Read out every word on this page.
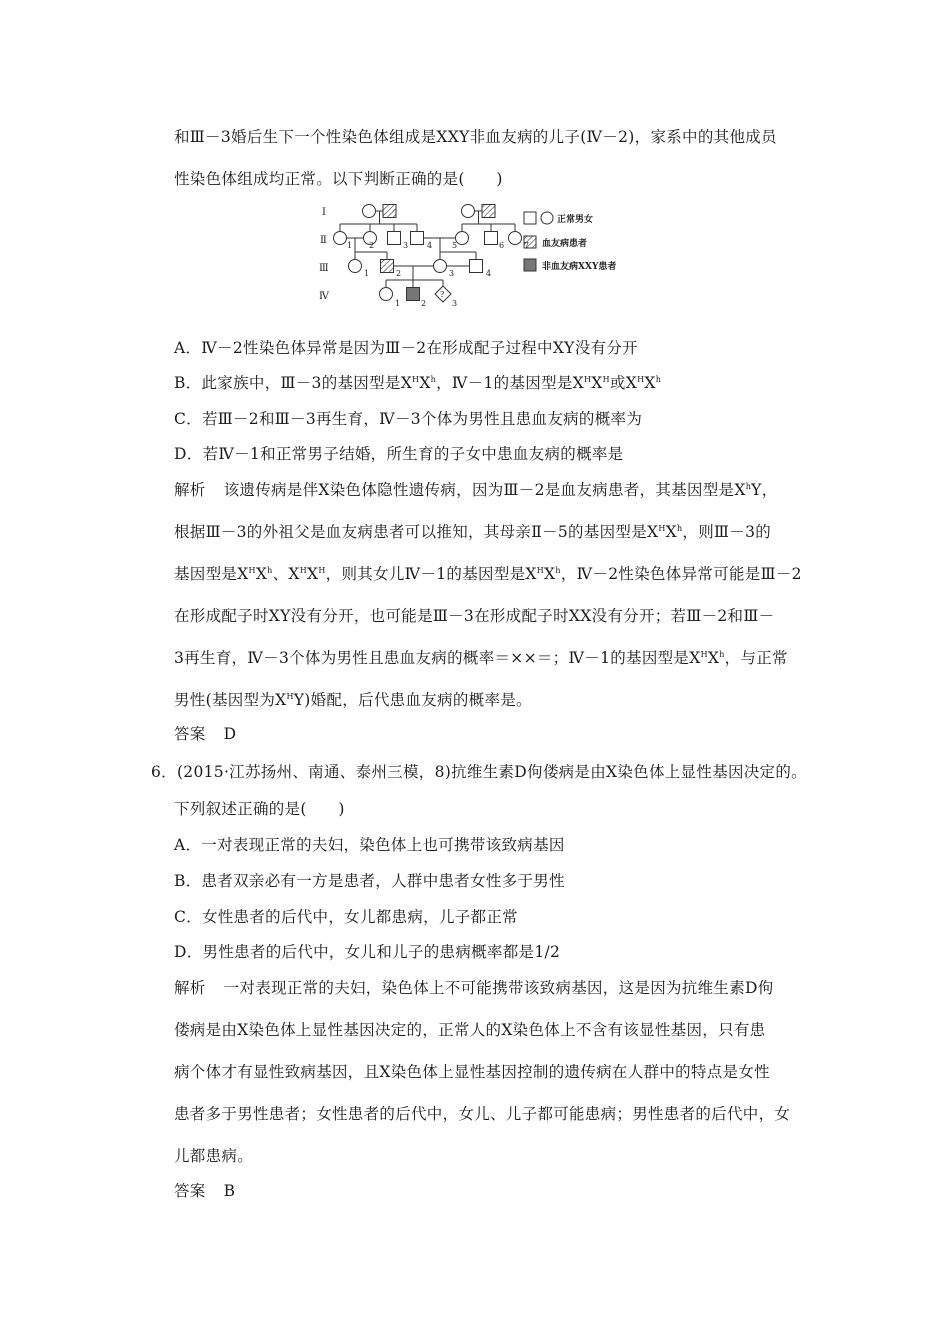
和Ⅲ－3婚后生下一个性染色体组成是XXY非血友病的儿子(Ⅳ－2)，家系中的其他成员
性染色体组成均正常。以下判断正确的是(　　)
Ⅰ
Ⅱ
Ⅲ
Ⅳ	?
1 2	3 4 5	6
1	2	3	4
1	2	3
正常男女
血友病患者
非血友病XXY患者
A．Ⅳ－2性染色体异常是因为Ⅲ－2在形成配子过程中XY没有分开
B．此家族中，Ⅲ－3的基因型是$X^HX^h$，Ⅳ－1的基因型是$X^HX^H$或$X^HX^h$
C．若Ⅲ－2和Ⅲ－3再生育，Ⅳ－3个体为男性且患血友病的概率为
D．若Ⅳ－1和正常男子结婚，所生育的子女中患血友病的概率是
解析 该遗传病是伴X染色体隐性遗传病，因为Ⅲ－2是血友病患者，其基因型是$X^hY$，
根据Ⅲ－3的外祖父是血友病患者可以推知，其母亲Ⅱ－5的基因型是$X^HX^h$，则Ⅲ－3的
基因型是$X^HX^h$、$X^HX^H$，则其女儿Ⅳ－1的基因型是$X^HX^h$，Ⅳ－2性染色体异常可能是Ⅲ－2
在形成配子时XY没有分开，也可能是Ⅲ－3在形成配子时XX没有分开；若Ⅲ－2和Ⅲ－
3再生育，Ⅳ－3个体为男性且患血友病的概率＝××＝；Ⅳ－1的基因型是$X^HX^h$，与正常
男性(基因型为$X^HY$)婚配，后代患血友病的概率是。
答案 D
6．(2015·江苏扬州、南通、泰州三模，8)抗维生素D佝偻病是由X染色体上显性基因决定的。
下列叙述正确的是(　　)
A．一对表现正常的夫妇，染色体上也可携带该致病基因
B．患者双亲必有一方是患者，人群中患者女性多于男性
C．女性患者的后代中，女儿都患病，儿子都正常
D．男性患者的后代中，女儿和儿子的患病概率都是1/2
解析 一对表现正常的夫妇，染色体上不可能携带该致病基因，这是因为抗维生素D佝
偻病是由X染色体上显性基因决定的，正常人的X染色体上不含有该显性基因，只有患
病个体才有显性致病基因，且X染色体上显性基因控制的遗传病在人群中的特点是女性
患者多于男性患者；女性患者的后代中，女儿、儿子都可能患病；男性患者的后代中，女
儿都患病。
答案 B
